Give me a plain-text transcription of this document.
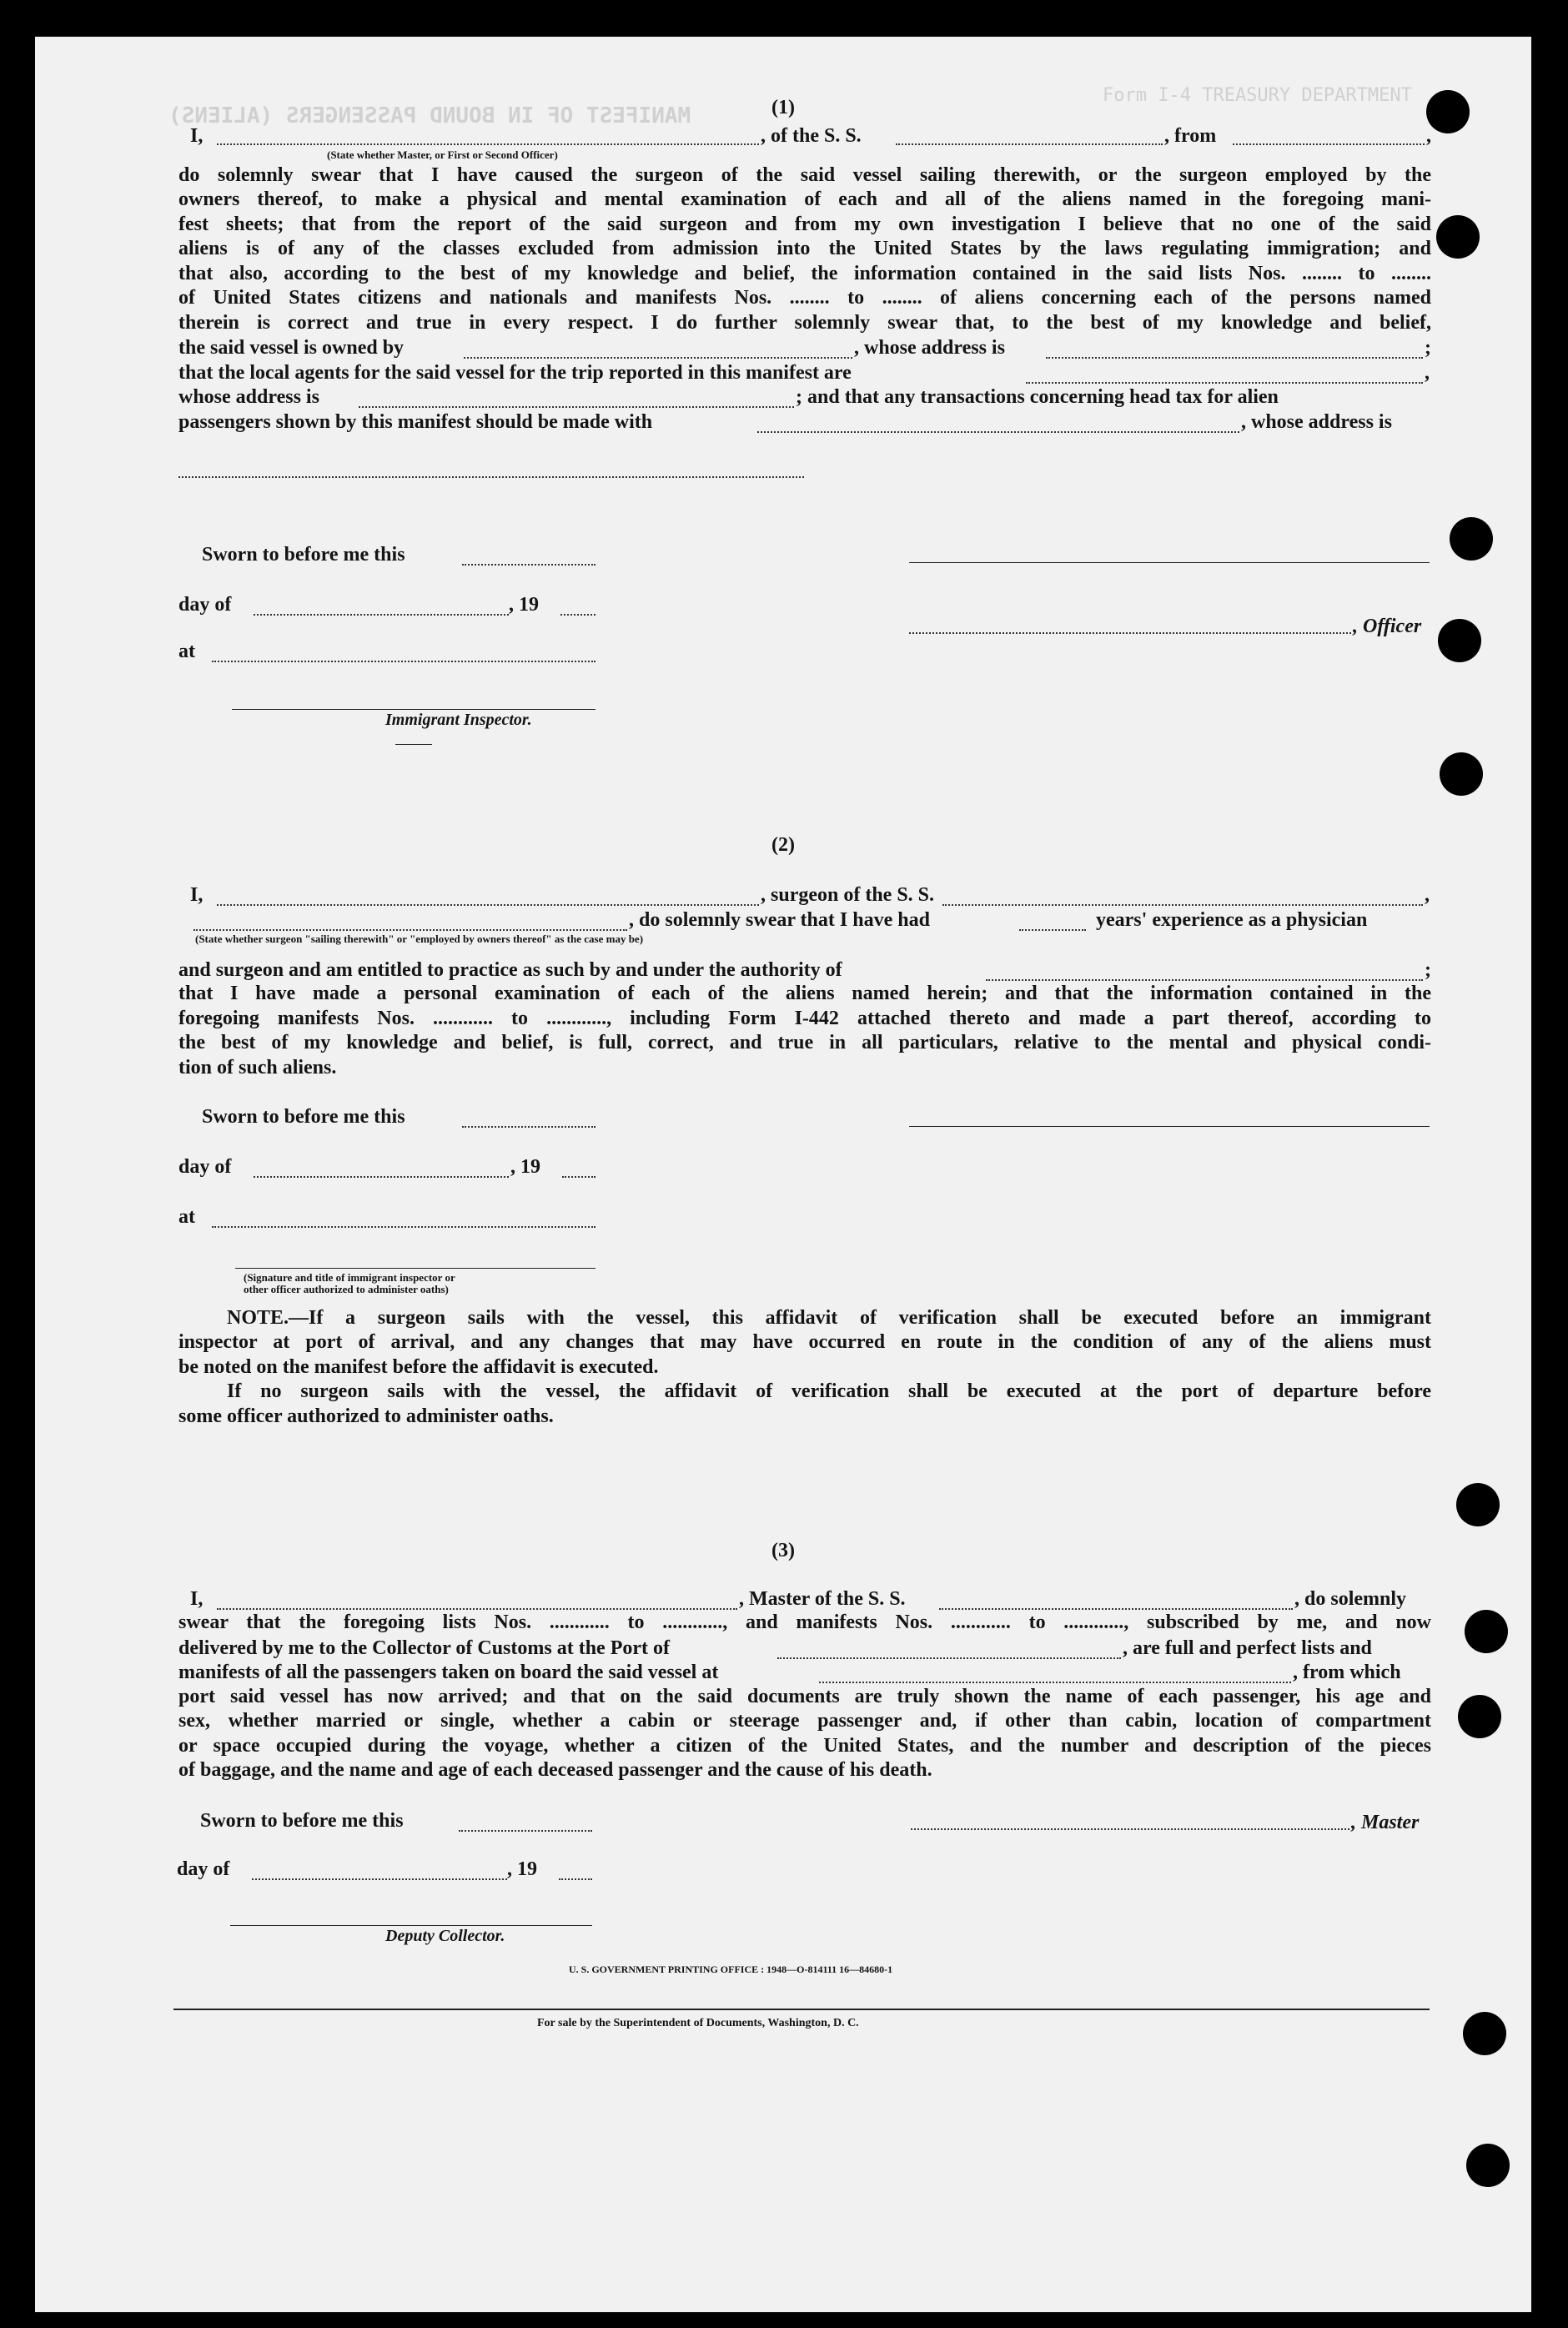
Form I-4 TREASURY DEPARTMENT
MANIFEST OF IN BOUND PASSENGERS (ALIENS)	(1)
I,	, of the S. S.	, from	,
(State whether Master, or First or Second Officer)
do solemnly swear that I have caused the surgeon of the said vessel sailing therewith, or the surgeon employed by the
owners thereof, to make a physical and mental examination of each and all of the aliens named in the foregoing mani-
fest sheets; that from the report of the said surgeon and from my own investigation I believe that no one of the said
aliens is of any of the classes excluded from admission into the United States by the laws regulating immigration; and
that also, according to the best of my knowledge and belief, the information contained in the said lists Nos. ........ to ........
of United States citizens and nationals and manifests Nos. ........ to ........ of aliens concerning each of the persons named
therein is correct and true in every respect. I do further solemnly swear that, to the best of my knowledge and belief,
the said vessel is owned by	, whose address is	;
that the local agents for the said vessel for the trip reported in this manifest are	,
whose address is	; and that any transactions concerning head tax for alien
passengers shown by this manifest should be made with	, whose address is
Sworn to before me this
day of	, 19
at
, Officer
Immigrant Inspector.
(2)
I,	, surgeon of the S. S.	,
, do solemnly swear that I have had	years' experience as a physician
(State whether surgeon "sailing therewith" or "employed by owners thereof" as the case may be)
and surgeon and am entitled to practice as such by and under the authority of	;
that I have made a personal examination of each of the aliens named herein; and that the information contained in the
foregoing manifests Nos. ............ to ............, including Form I-442 attached thereto and made a part thereof, according to
the best of my knowledge and belief, is full, correct, and true in all particulars, relative to the mental and physical condi-
tion of such aliens.
Sworn to before me this
day of	, 19
at
(Signature and title of immigrant inspector or
other officer authorized to administer oaths)
NOTE.—If a surgeon sails with the vessel, this affidavit of verification shall be executed before an immigrant
inspector at port of arrival, and any changes that may have occurred en route in the condition of any of the aliens must
be noted on the manifest before the affidavit is executed.
If no surgeon sails with the vessel, the affidavit of verification shall be executed at the port of departure before
some officer authorized to administer oaths.
(3)
I,	, Master of the S. S.	, do solemnly
swear that the foregoing lists Nos. ............ to ............, and manifests Nos. ............ to ............, subscribed by me, and now
delivered by me to the Collector of Customs at the Port of	, are full and perfect lists and
manifests of all the passengers taken on board the said vessel at	, from which
port said vessel has now arrived; and that on the said documents are truly shown the name of each passenger, his age and
sex, whether married or single, whether a cabin or steerage passenger and, if other than cabin, location of compartment
or space occupied during the voyage, whether a citizen of the United States, and the number and description of the pieces
of baggage, and the name and age of each deceased passenger and the cause of his death.
Sworn to before me this	, Master
day of	, 19
Deputy Collector.
U. S. GOVERNMENT PRINTING OFFICE : 1948—O-814111 16—84680-1
For sale by the Superintendent of Documents, Washington, D. C.
